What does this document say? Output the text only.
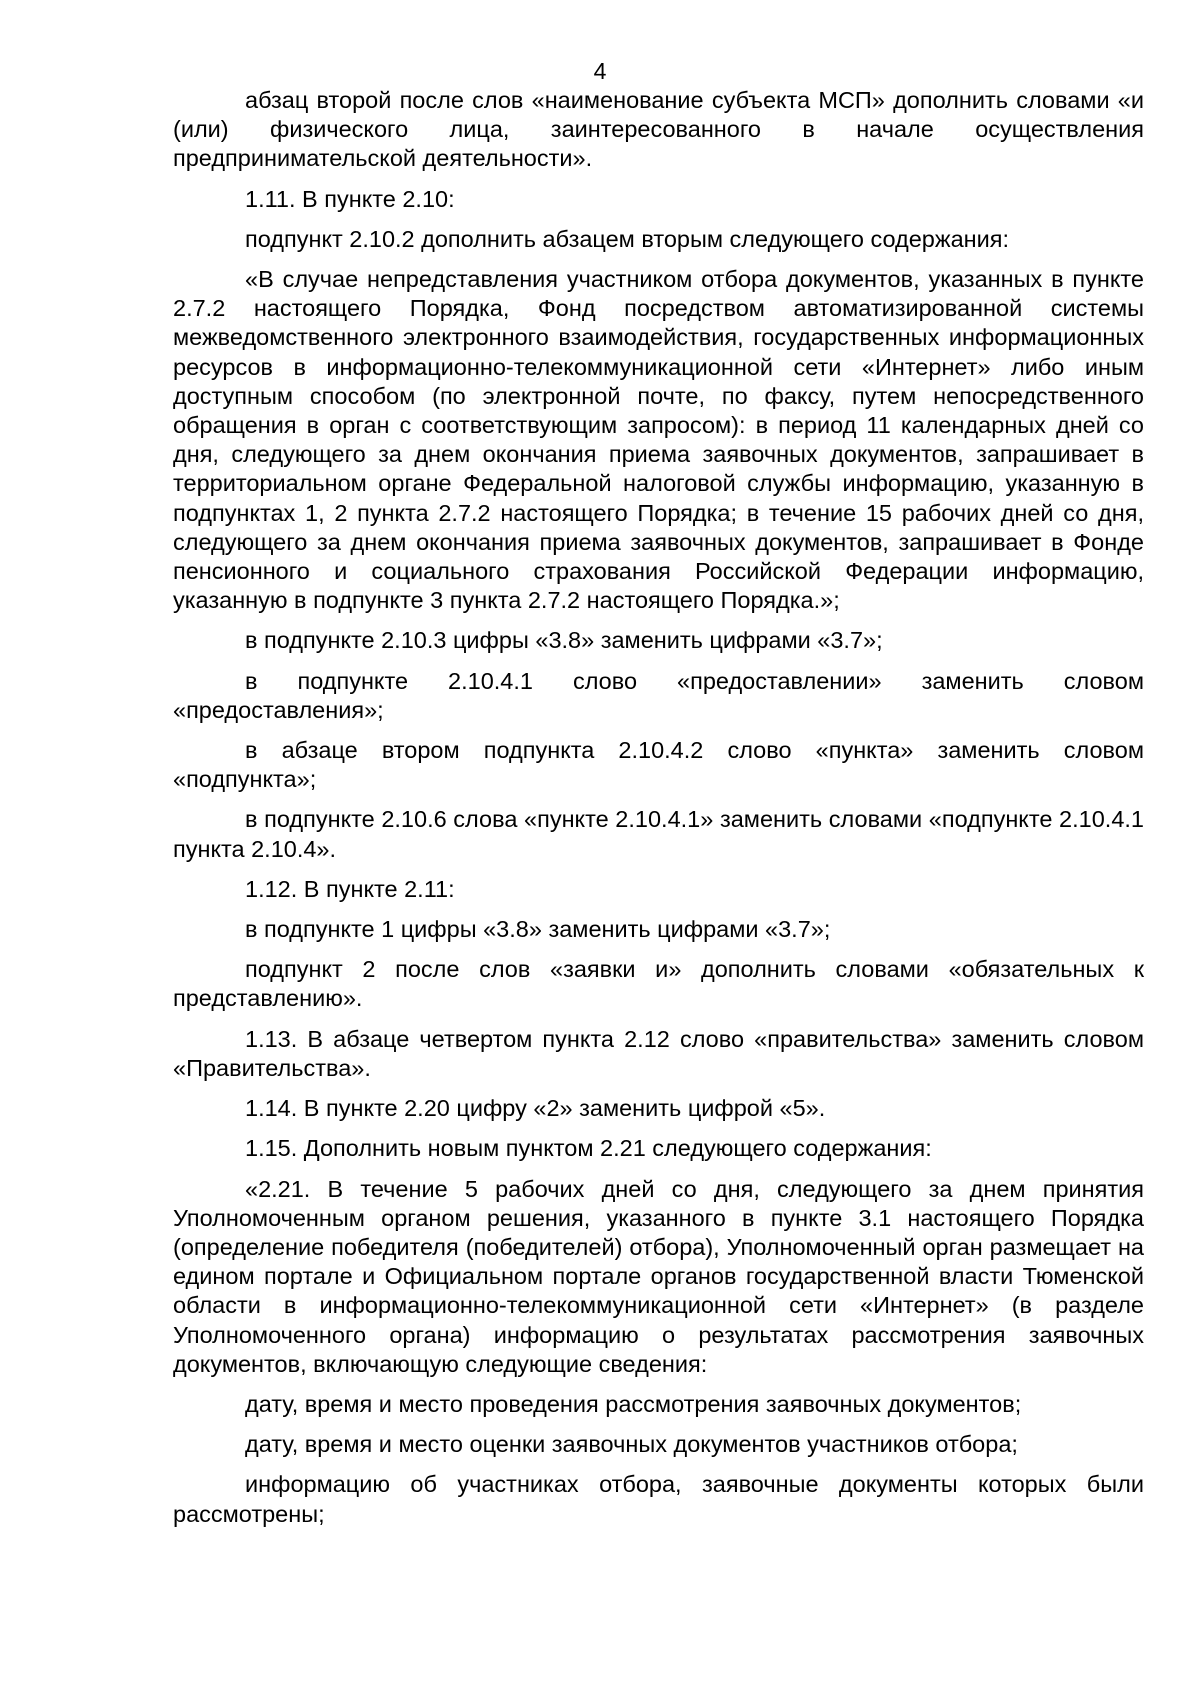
4

абзац второй после слов «наименование субъекта МСП» дополнить словами «и (или) физического лица, заинтересованного в начале осуществления предпринимательской деятельности».

1.11. В пункте 2.10:

подпункт 2.10.2 дополнить абзацем вторым следующего содержания:

«В случае непредставления участником отбора документов, указанных в пункте 2.7.2 настоящего Порядка, Фонд посредством автоматизированной системы межведомственного электронного взаимодействия, государственных информационных ресурсов в информационно-телекоммуникационной сети «Интернет» либо иным доступным способом (по электронной почте, по факсу, путем непосредственного обращения в орган с соответствующим запросом): в период 11 календарных дней со дня, следующего за днем окончания приема заявочных документов, запрашивает в территориальном органе Федеральной налоговой службы информацию, указанную в подпунктах 1, 2 пункта 2.7.2 настоящего Порядка; в течение 15 рабочих дней со дня, следующего за днем окончания приема заявочных документов, запрашивает в Фонде пенсионного и социального страхования Российской Федерации информацию, указанную в подпункте 3 пункта 2.7.2 настоящего Порядка.»;

в подпункте 2.10.3 цифры «3.8» заменить цифрами «3.7»;

в подпункте 2.10.4.1 слово «предоставлении» заменить словом «предоставления»;

в абзаце втором подпункта 2.10.4.2 слово «пункта» заменить словом «подпункта»;

в подпункте 2.10.6 слова «пункте 2.10.4.1» заменить словами «подпункте 2.10.4.1 пункта 2.10.4».

1.12. В пункте 2.11:

в подпункте 1 цифры «3.8» заменить цифрами «3.7»;

подпункт 2 после слов «заявки и» дополнить словами «обязательных к представлению».

1.13. В абзаце четвертом пункта 2.12 слово «правительства» заменить словом «Правительства».

1.14. В пункте 2.20 цифру «2» заменить цифрой «5».

1.15. Дополнить новым пунктом 2.21 следующего содержания:

«2.21. В течение 5 рабочих дней со дня, следующего за днем принятия Уполномоченным органом решения, указанного в пункте 3.1 настоящего Порядка (определение победителя (победителей) отбора), Уполномоченный орган размещает на едином портале и Официальном портале органов государственной власти Тюменской области в информационно-телекоммуникационной сети «Интернет» (в разделе Уполномоченного органа) информацию о результатах рассмотрения заявочных документов, включающую следующие сведения:

дату, время и место проведения рассмотрения заявочных документов;

дату, время и место оценки заявочных документов участников отбора;

информацию об участниках отбора, заявочные документы которых были рассмотрены;
